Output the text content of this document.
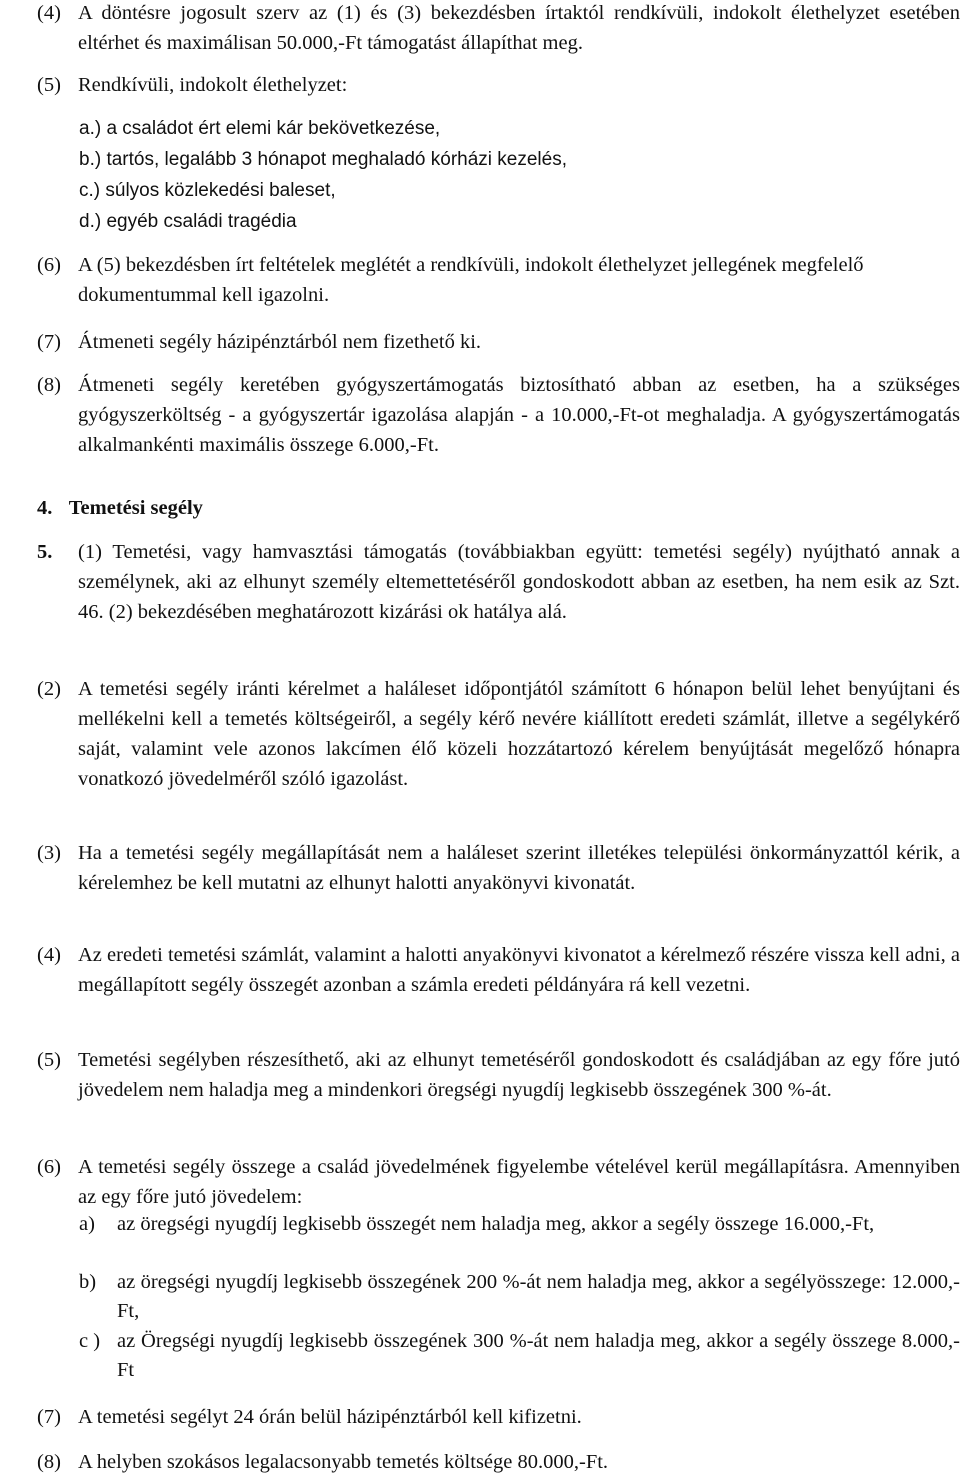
(4) A döntésre jogosult szerv az (1) és (3) bekezdésben írtaktól rendkívüli, indokolt élethelyzet esetében eltérhet és maximálisan 50.000,-Ft támogatást állapíthat meg.
(5) Rendkívüli, indokolt élethelyzet:
a.) a családot ért elemi kár bekövetkezése,
b.) tartós, legalább 3 hónapot meghaladó kórházi kezelés,
c.) súlyos közlekedési baleset,
d.) egyéb családi tragédia
(6) A (5) bekezdésben írt feltételek meglétét a rendkívüli, indokolt élethelyzet jellegének megfelelő dokumentummal kell igazolni.
(7) Átmeneti segély házipénztárból nem fizethető ki.
(8) Átmeneti segély keretében gyógyszertámogatás biztosítható abban az esetben, ha a szükséges gyógyszerköltség - a gyógyszertár igazolása alapján - a 10.000,-Ft-ot meghaladja. A gyógyszertámogatás alkalmankénti maximális összege 6.000,-Ft.
4. Temetési segély
5. (1) Temetési, vagy hamvasztási támogatás (továbbiakban együtt: temetési segély) nyújtható annak a személynek, aki az elhunyt személy eltemettetéséről gondoskodott abban az esetben, ha nem esik az Szt. 46. (2) bekezdésében meghatározott kizárási ok hatálya alá.
(2) A temetési segély iránti kérelmet a haláleset időpontjától számított 6 hónapon belül lehet benyújtani és mellékelni kell a temetés költségeiről, a segély kérő nevére kiállított eredeti számlát, illetve a segélykérő saját, valamint vele azonos lakcímen élő közeli hozzátartozó kérelem benyújtását megelőző hónapra vonatkozó jövedelméről szóló igazolást.
(3) Ha a temetési segély megállapítását nem a haláleset szerint illetékes települési önkormányzattól kérik, a kérelemhez be kell mutatni az elhunyt halotti anyakönyvi kivonatát.
(4) Az eredeti temetési számlát, valamint a halotti anyakönyvi kivonatot a kérelmező részére vissza kell adni, a megállapított segély összegét azonban a számla eredeti példányára rá kell vezetni.
(5) Temetési segélyben részesíthető, aki az elhunyt temetéséről gondoskodott és családjában az egy főre jutó jövedelem nem haladja meg a mindenkori öregségi nyugdíj legkisebb összegének 300 %-át.
(6) A temetési segély összege a család jövedelmének figyelembe vételével kerül megállapításra. Amennyiben az egy főre jutó jövedelem:
a) az öregségi nyugdíj legkisebb összegét nem haladja meg, akkor a segély összege 16.000,-Ft,
b) az öregségi nyugdíj legkisebb összegének 200 %-át nem haladja meg, akkor a segélyösszege: 12.000,-Ft,
c ) az Öregségi nyugdíj legkisebb összegének 300 %-át nem haladja meg, akkor a segély összege 8.000,-Ft
(7) A temetési segélyt 24 órán belül házipénztárból kell kifizetni.
(8) A helyben szokásos legalacsonyabb temetés költsége 80.000,-Ft.
